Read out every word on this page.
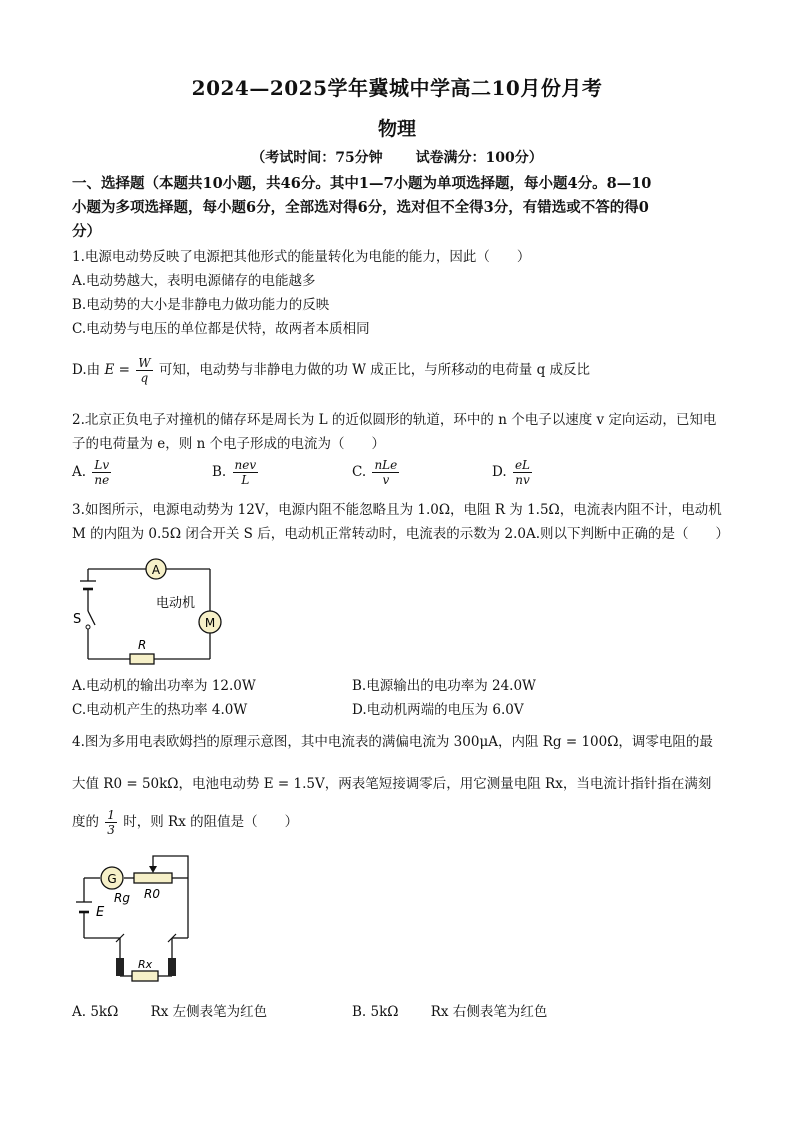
2024—2025学年冀城中学高二10月份月考
物理
（考试时间：75分钟 试卷满分：100分）
一、选择题（本题共10小题，共46分。其中1—7小题为单项选择题，每小题4分。8—10
小题为多项选择题，每小题6分，全部选对得6分，选对但不全得3分，有错选或不答的得0
分）
1.电源电动势反映了电源把其他形式的能量转化为电能的能力，因此（　　）
A.电动势越大，表明电源储存的电能越多
B.电动势的大小是非静电力做功能力的反映
C.电动势与电压的单位都是伏特，故两者本质相同
D.由 $E = \frac{W}{q}$ 可知，电动势与非静电力做的功 W 成正比，与所移动的电荷量 q 成反比
2.北京正负电子对撞机的储存环是周长为 L 的近似圆形的轨道，环中的 n 个电子以速度 v 定向运动，已知电
子的电荷量为 e，则 n 个电子形成的电流为（　　）
A. $\frac{Lv}{ne}$	B. $\frac{\text{nev}}{L}$	C. $\frac{\text{nLe}}{v}$	D. $\frac{eL}{nv}$
3.如图所示，电源电动势为 12V，电源内阻不能忽略且为 1.0Ω，电阻 R 为 1.5Ω，电流表内阻不计，电动机
M 的内阻为 0.5Ω 闭合开关 S 后，电动机正常转动时，电流表的示数为 2.0A.则以下判断中正确的是（　　）
S
A
M
电动机
R
A.电动机的输出功率为 12.0W	B.电源输出的电功率为 24.0W
C.电动机产生的热功率 4.0W	D.电动机两端的电压为 6.0V
4.图为多用电表欧姆挡的原理示意图，其中电流表的满偏电流为 300μA，内阻 Rg = 100Ω，调零电阻的最
大值 R0 = 50kΩ，电池电动势 E = 1.5V，两表笔短接调零后，用它测量电阻 Rx，当电流计指针指在满刻
度的 $\frac{1}{3}$ 时，则 Rx 的阻值是（　　）
E
G
Rg R0
Rx
A. 5kΩ Rx 左侧表笔为红色	B. 5kΩ Rx 右侧表笔为红色
